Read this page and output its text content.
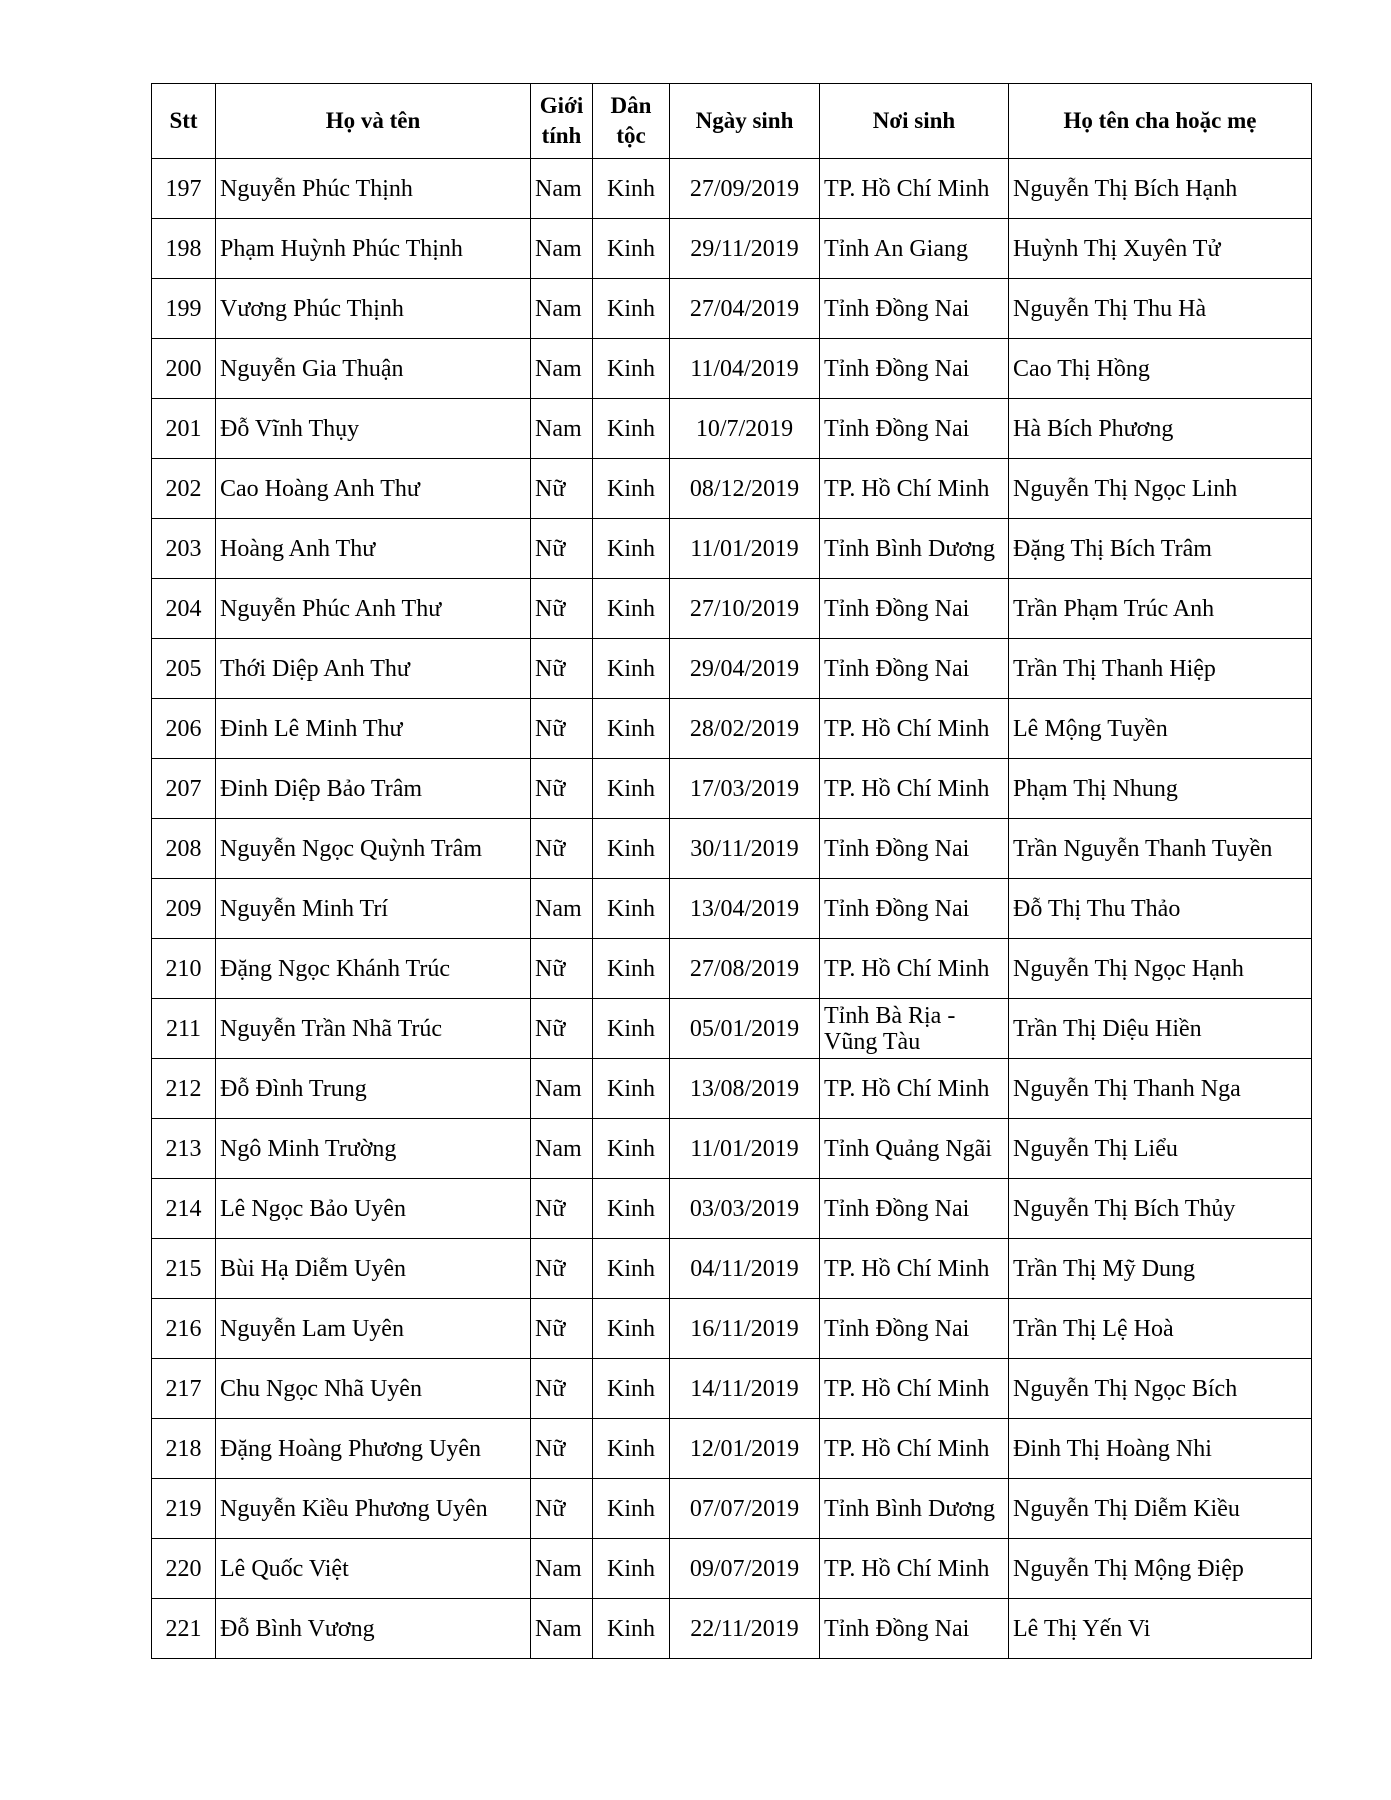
Stt	Họ và tên	Giới tính	Dân tộc	Ngày sinh	Nơi sinh	Họ tên cha hoặc mẹ
197	Nguyễn Phúc Thịnh	Nam	Kinh	27/09/2019	TP. Hồ Chí Minh	Nguyễn Thị Bích Hạnh
198	Phạm Huỳnh Phúc Thịnh	Nam	Kinh	29/11/2019	Tỉnh An Giang	Huỳnh Thị Xuyên Tử
199	Vương Phúc Thịnh	Nam	Kinh	27/04/2019	Tỉnh Đồng Nai	Nguyễn Thị Thu Hà
200	Nguyễn Gia Thuận	Nam	Kinh	11/04/2019	Tỉnh Đồng Nai	Cao Thị Hồng
201	Đỗ Vĩnh Thụy	Nam	Kinh	10/7/2019	Tỉnh Đồng Nai	Hà Bích Phương
202	Cao Hoàng Anh Thư	Nữ	Kinh	08/12/2019	TP. Hồ Chí Minh	Nguyễn Thị Ngọc Linh
203	Hoàng Anh Thư	Nữ	Kinh	11/01/2019	Tỉnh Bình Dương	Đặng Thị Bích Trâm
204	Nguyễn Phúc Anh Thư	Nữ	Kinh	27/10/2019	Tỉnh Đồng Nai	Trần Phạm Trúc Anh
205	Thới Diệp Anh Thư	Nữ	Kinh	29/04/2019	Tỉnh Đồng Nai	Trần Thị Thanh Hiệp
206	Đinh Lê Minh Thư	Nữ	Kinh	28/02/2019	TP. Hồ Chí Minh	Lê Mộng Tuyền
207	Đinh Diệp Bảo Trâm	Nữ	Kinh	17/03/2019	TP. Hồ Chí Minh	Phạm Thị Nhung
208	Nguyễn Ngọc Quỳnh Trâm	Nữ	Kinh	30/11/2019	Tỉnh Đồng Nai	Trần Nguyễn Thanh Tuyền
209	Nguyễn Minh Trí	Nam	Kinh	13/04/2019	Tỉnh Đồng Nai	Đỗ Thị Thu Thảo
210	Đặng Ngọc Khánh Trúc	Nữ	Kinh	27/08/2019	TP. Hồ Chí Minh	Nguyễn Thị Ngọc Hạnh
211	Nguyễn Trần Nhã Trúc	Nữ	Kinh	05/01/2019	Tỉnh Bà Rịa - Vũng Tàu	Trần Thị Diệu Hiền
212	Đỗ Đình Trung	Nam	Kinh	13/08/2019	TP. Hồ Chí Minh	Nguyễn Thị Thanh Nga
213	Ngô Minh Trường	Nam	Kinh	11/01/2019	Tỉnh Quảng Ngãi	Nguyễn Thị Liểu
214	Lê Ngọc Bảo Uyên	Nữ	Kinh	03/03/2019	Tỉnh Đồng Nai	Nguyễn Thị Bích Thủy
215	Bùi Hạ Diễm Uyên	Nữ	Kinh	04/11/2019	TP. Hồ Chí Minh	Trần Thị Mỹ Dung
216	Nguyễn Lam Uyên	Nữ	Kinh	16/11/2019	Tỉnh Đồng Nai	Trần Thị Lệ Hoà
217	Chu Ngọc Nhã Uyên	Nữ	Kinh	14/11/2019	TP. Hồ Chí Minh	Nguyễn Thị Ngọc Bích
218	Đặng Hoàng Phương Uyên	Nữ	Kinh	12/01/2019	TP. Hồ Chí Minh	Đinh Thị Hoàng Nhi
219	Nguyễn Kiều Phương Uyên	Nữ	Kinh	07/07/2019	Tỉnh Bình Dương	Nguyễn Thị Diễm Kiều
220	Lê Quốc Việt	Nam	Kinh	09/07/2019	TP. Hồ Chí Minh	Nguyễn Thị Mộng Điệp
221	Đỗ Bình Vương	Nam	Kinh	22/11/2019	Tỉnh Đồng Nai	Lê Thị Yến Vi
